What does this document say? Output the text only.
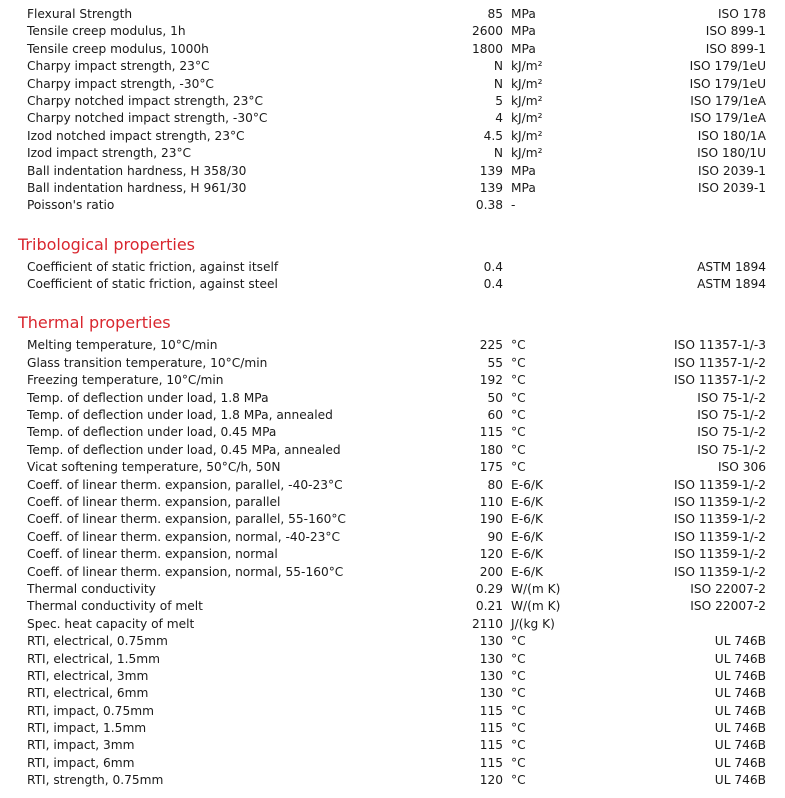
Flexural Strength	85 MPa	ISO 178
Tensile creep modulus, 1h	2600 MPa	ISO 899-1
Tensile creep modulus, 1000h	1800 MPa	ISO 899-1
Charpy impact strength, 23°C	N kJ/m²	ISO 179/1eU
Charpy impact strength, -30°C	N kJ/m²	ISO 179/1eU
Charpy notched impact strength, 23°C	5 kJ/m²	ISO 179/1eA
Charpy notched impact strength, -30°C	4 kJ/m²	ISO 179/1eA
Izod notched impact strength, 23°C	4.5 kJ/m²	ISO 180/1A
Izod impact strength, 23°C	N kJ/m²	ISO 180/1U
Ball indentation hardness, H 358/30	139 MPa	ISO 2039-1
Ball indentation hardness, H 961/30	139 MPa	ISO 2039-1
Poisson's ratio	0.38 -
Tribological properties
Coefficient of static friction, against itself	0.4	ASTM 1894
Coefficient of static friction, against steel	0.4	ASTM 1894
Thermal properties
Melting temperature, 10°C/min	225 °C	ISO 11357-1/-3
Glass transition temperature, 10°C/min	55 °C	ISO 11357-1/-2
Freezing temperature, 10°C/min	192 °C	ISO 11357-1/-2
Temp. of deflection under load, 1.8 MPa	50 °C	ISO 75-1/-2
Temp. of deflection under load, 1.8 MPa, annealed	60 °C	ISO 75-1/-2
Temp. of deflection under load, 0.45 MPa	115 °C	ISO 75-1/-2
Temp. of deflection under load, 0.45 MPa, annealed	180 °C	ISO 75-1/-2
Vicat softening temperature, 50°C/h, 50N	175 °C	ISO 306
Coeff. of linear therm. expansion, parallel, -40-23°C	80 E-6/K	ISO 11359-1/-2
Coeff. of linear therm. expansion, parallel	110 E-6/K	ISO 11359-1/-2
Coeff. of linear therm. expansion, parallel, 55-160°C	190 E-6/K	ISO 11359-1/-2
Coeff. of linear therm. expansion, normal, -40-23°C	90 E-6/K	ISO 11359-1/-2
Coeff. of linear therm. expansion, normal	120 E-6/K	ISO 11359-1/-2
Coeff. of linear therm. expansion, normal, 55-160°C	200 E-6/K	ISO 11359-1/-2
Thermal conductivity	0.29 W/(m K)	ISO 22007-2
Thermal conductivity of melt	0.21 W/(m K)	ISO 22007-2
Spec. heat capacity of melt	2110 J/(kg K)
RTI, electrical, 0.75mm	130 °C	UL 746B
RTI, electrical, 1.5mm	130 °C	UL 746B
RTI, electrical, 3mm	130 °C	UL 746B
RTI, electrical, 6mm	130 °C	UL 746B
RTI, impact, 0.75mm	115 °C	UL 746B
RTI, impact, 1.5mm	115 °C	UL 746B
RTI, impact, 3mm	115 °C	UL 746B
RTI, impact, 6mm	115 °C	UL 746B
RTI, strength, 0.75mm	120 °C	UL 746B
